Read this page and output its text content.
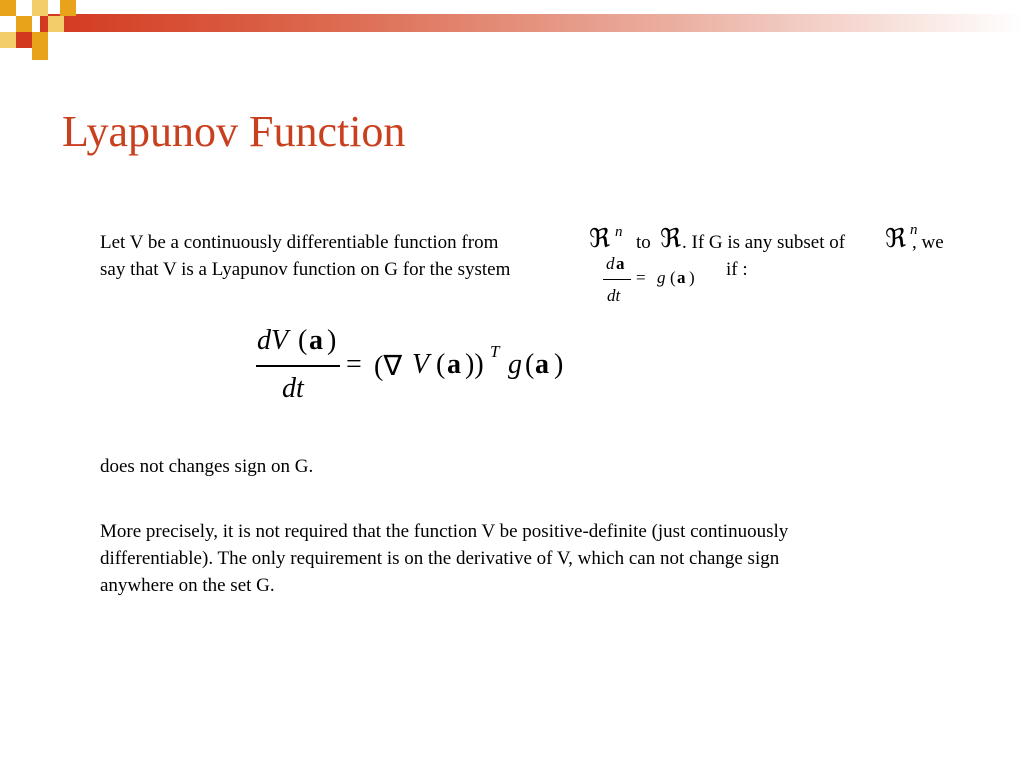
Lyapunov Function
Let V be a continuously differentiable function from	ℜ n to ℜ . If G is any subset of ℜ n
, we
say that V is a Lyapunov function on G for the system	if :
d a
dt
= g ( a )
dV ( a )
dt
= (∇ V ( a )) T g ( a )
does not changes sign on G.
More precisely, it is not required that the function V be positive-definite (just continuously
differentiable). The only requirement is on the derivative of V, which can not change sign
anywhere on the set G.
